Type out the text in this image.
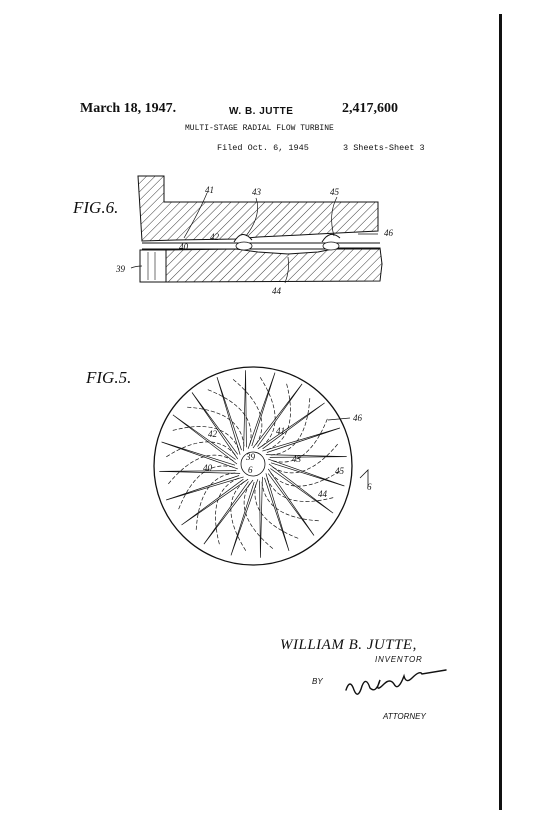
March 18, 1947.	W. B. JUTTE	2,417,600
MULTI-STAGE RADIAL FLOW TURBINE
Filed Oct. 6, 1945	3 Sheets-Sheet 3
FIG.6.
FIG.5.
41	43	45
46
40
42
39
44
46
42	41
39
6
43
40	45
44
6
WILLIAM B. JUTTE,
INVENTOR
BY
ATTORNEY
